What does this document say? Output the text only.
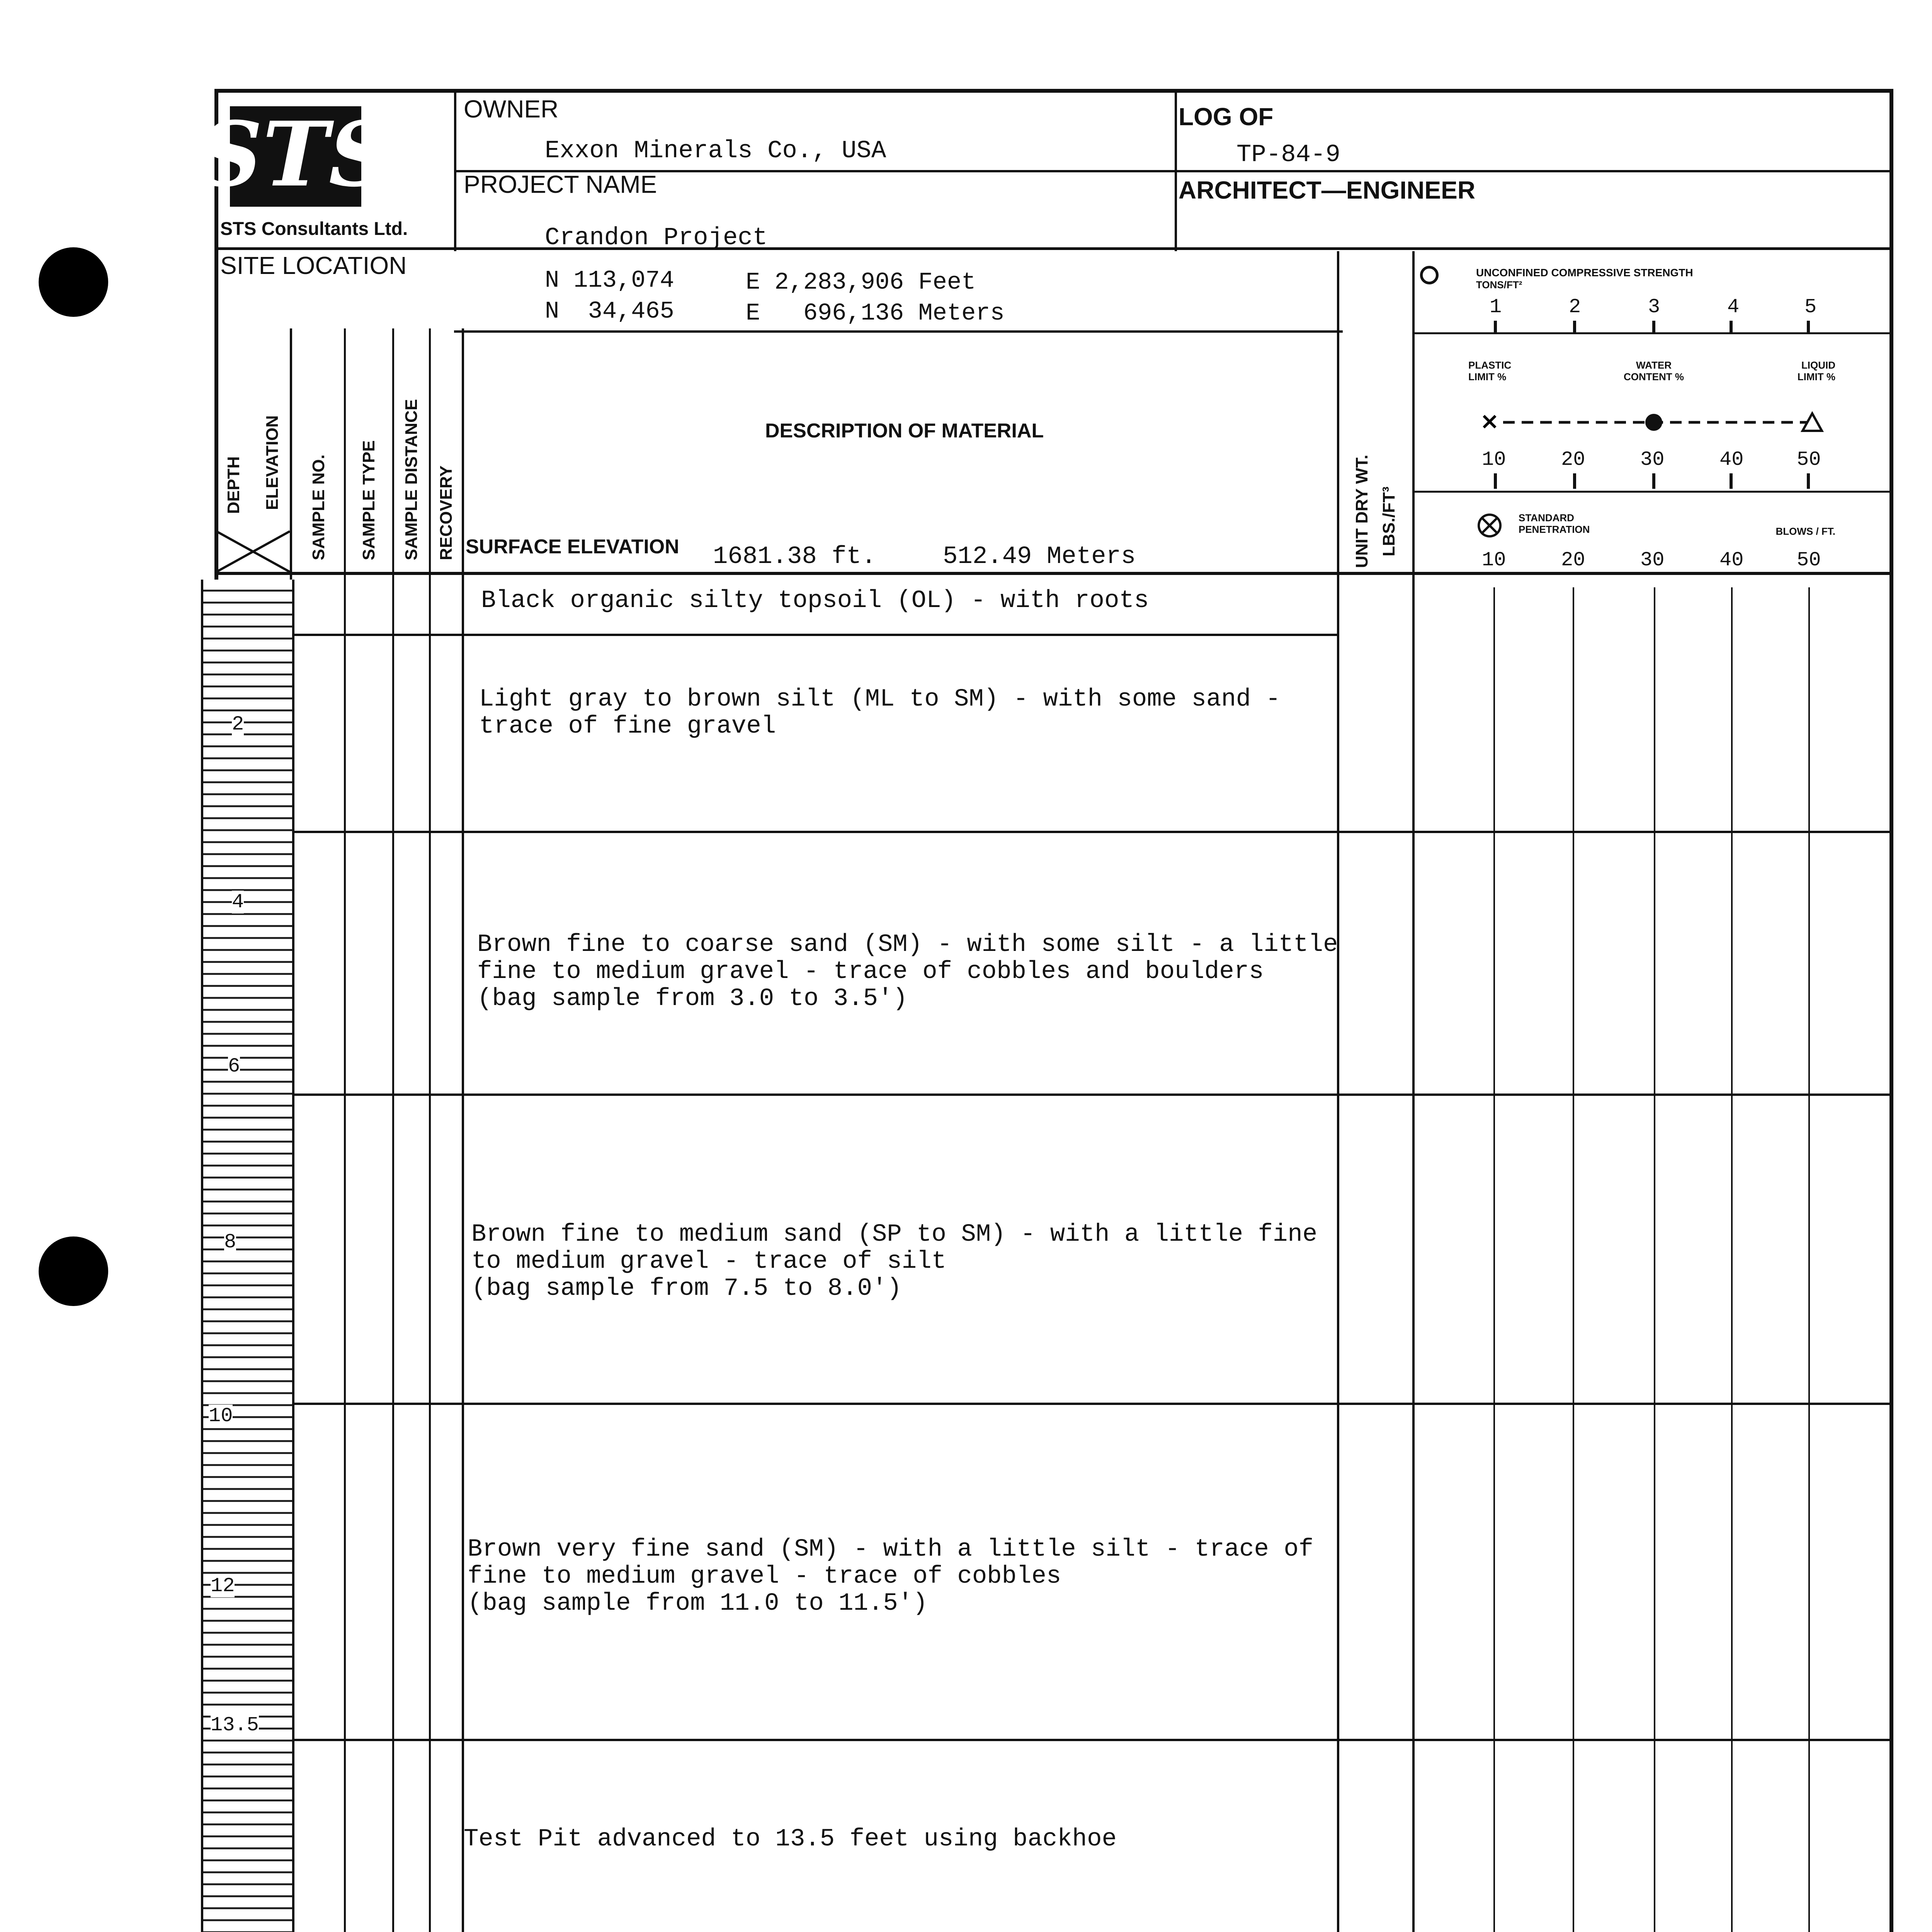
2
4
6
8
10
12
13.5
STS
STS Consultants Ltd.
OWNER
Exxon Minerals Co., USA
LOG OF
TP-84-9
PROJECT NAME
Crandon Project
ARCHITECT—ENGINEER
SITE LOCATION
N 113,074	E 2,283,906 Feet
N  34,465	E   696,136 Meters
DEPTH ELEVATION SAMPLE NO. SAMPLE TYPE SAMPLE DISTANCE RECOVERY
DESCRIPTION OF MATERIAL
SURFACE ELEVATION 1681.38 ft.	512.49 Meters	UNIT DRY WT. LBS./FT³
UNCONFINED COMPRESSIVE STRENGTH
TONS/FT²
1	2	3	4	5
PLASTIC LIMIT %
WATER CONTENT %
LIQUID LIMIT %
×
10	20	30	40	50
STANDARD PENETRATION	BLOWS / FT.
10	20	30	40	50
Black organic silty topsoil (OL) - with roots
Light gray to brown silt (ML to SM) - with some sand -
trace of fine gravel
Brown fine to coarse sand (SM) - with some silt - a little
fine to medium gravel - trace of cobbles and boulders
(bag sample from 3.0 to 3.5')
Brown fine to medium sand (SP to SM) - with a little fine
to medium gravel - trace of silt
(bag sample from 7.5 to 8.0')
Brown very fine sand (SM) - with a little silt - trace of
fine to medium gravel - trace of cobbles
(bag sample from 11.0 to 11.5')
Test Pit advanced to 13.5 feet using backhoe
